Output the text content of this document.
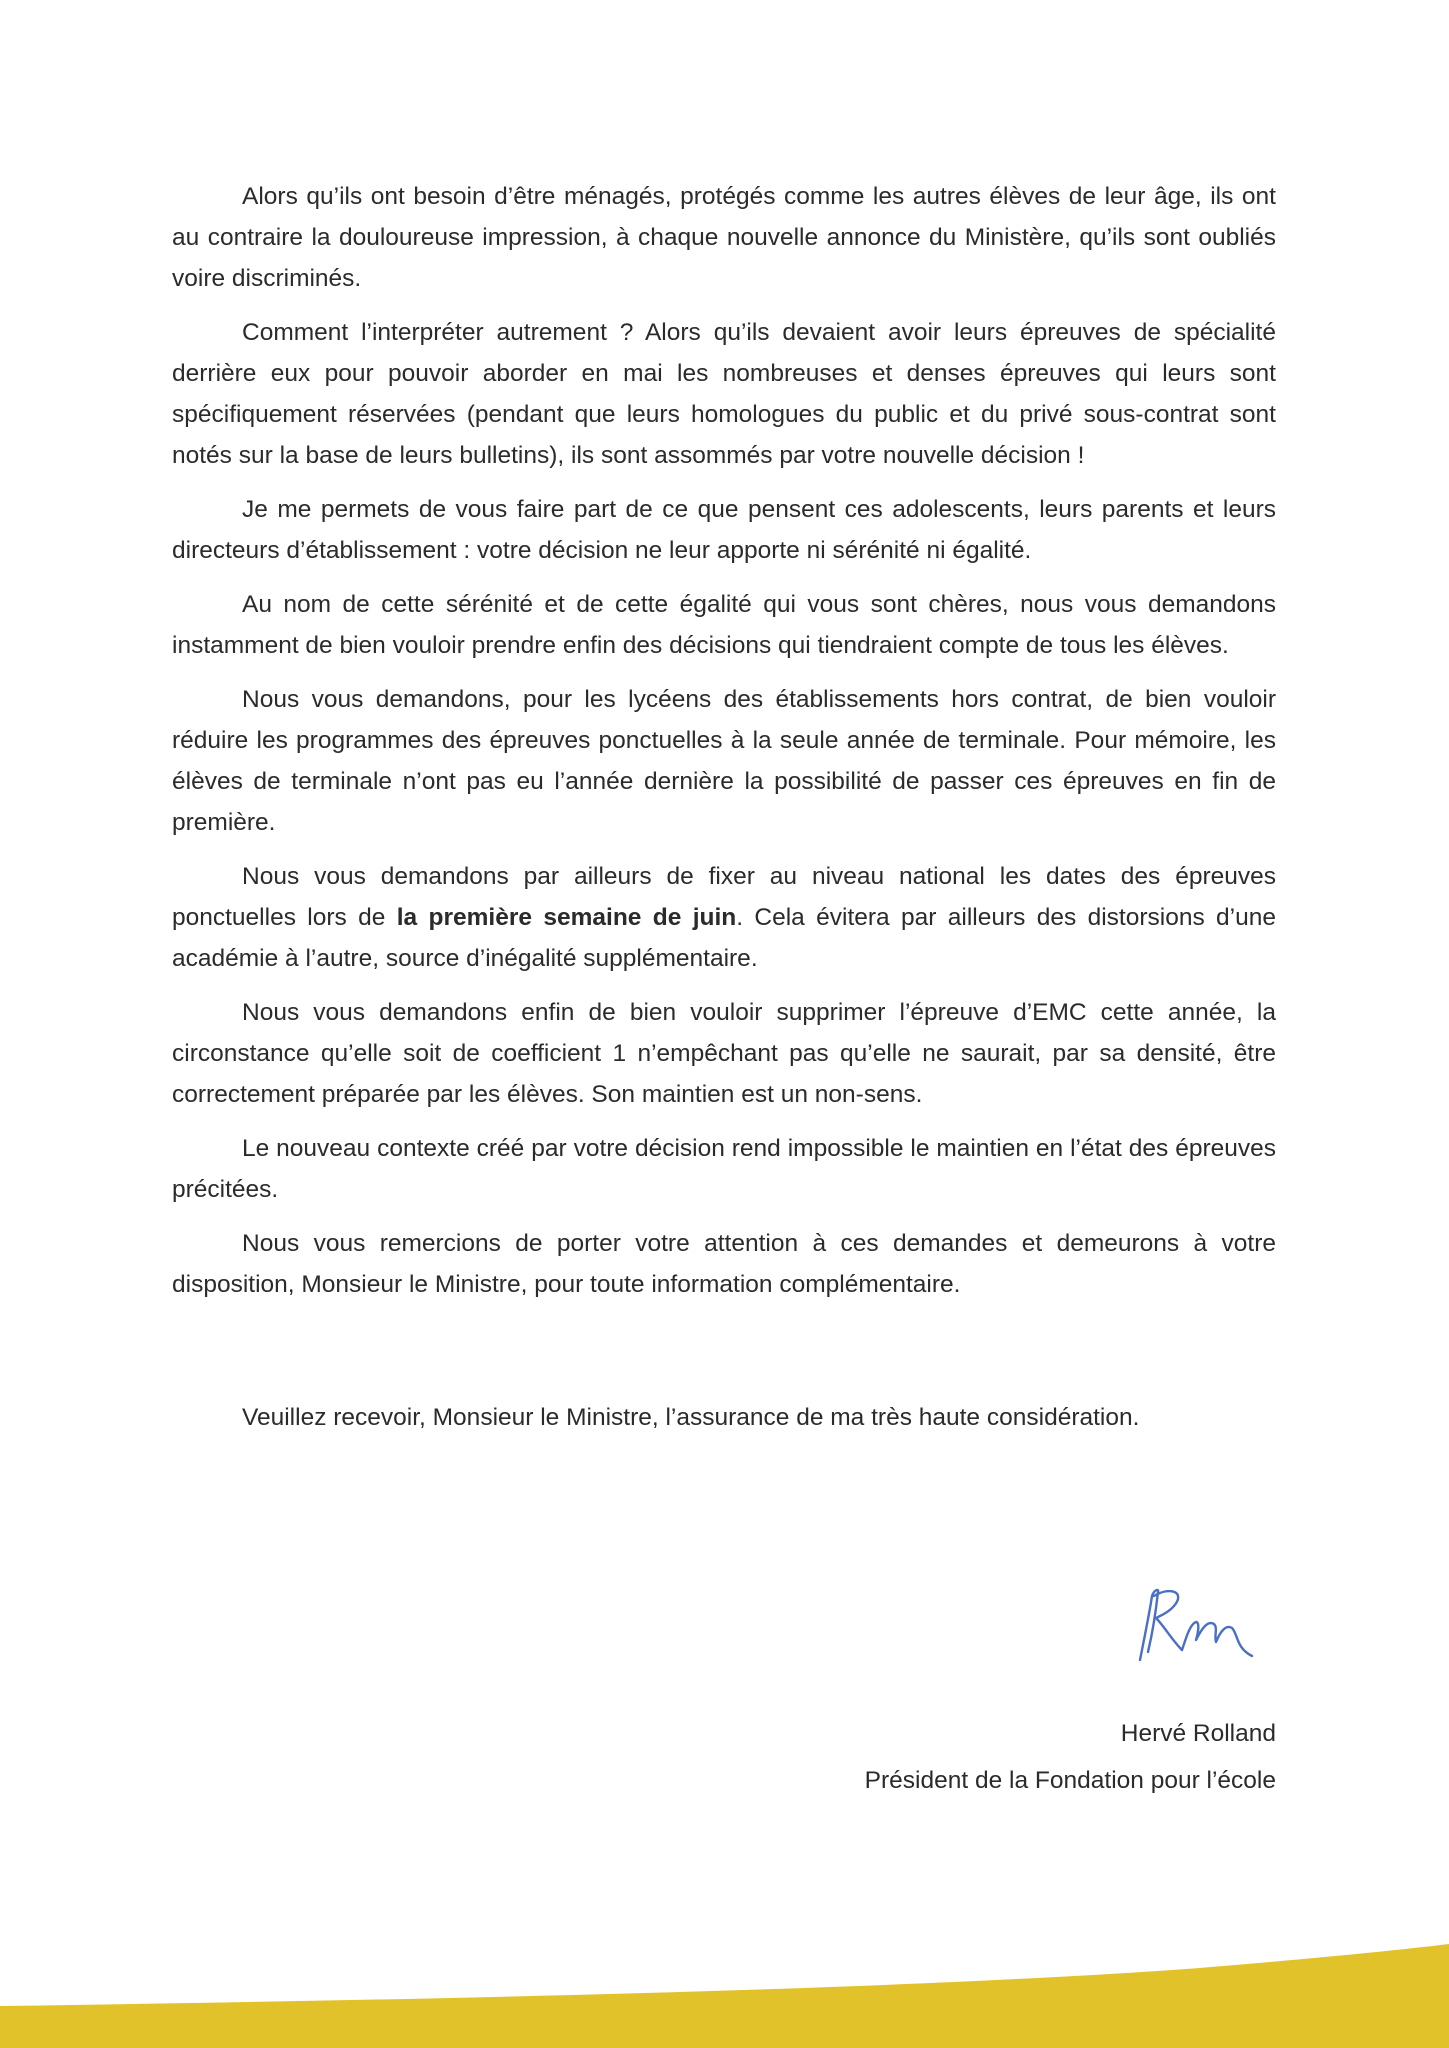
Alors qu’ils ont besoin d’être ménagés, protégés comme les autres élèves de leur âge, ils ont au contraire la douloureuse impression, à chaque nouvelle annonce du Ministère, qu’ils sont oubliés voire discriminés.

Comment l’interpréter autrement ? Alors qu’ils devaient avoir leurs épreuves de spécialité derrière eux pour pouvoir aborder en mai les nombreuses et denses épreuves qui leurs sont spécifiquement réservées (pendant que leurs homologues du public et du privé sous-contrat sont notés sur la base de leurs bulletins), ils sont assommés par votre nouvelle décision !

Je me permets de vous faire part de ce que pensent ces adolescents, leurs parents et leurs directeurs d’établissement : votre décision ne leur apporte ni sérénité ni égalité.

Au nom de cette sérénité et de cette égalité qui vous sont chères, nous vous demandons instamment de bien vouloir prendre enfin des décisions qui tiendraient compte de tous les élèves.

Nous vous demandons, pour les lycéens des établissements hors contrat, de bien vouloir réduire les programmes des épreuves ponctuelles à la seule année de terminale. Pour mémoire, les élèves de terminale n’ont pas eu l’année dernière la possibilité de passer ces épreuves en fin de première.

Nous vous demandons par ailleurs de fixer au niveau national les dates des épreuves ponctuelles lors de la première semaine de juin. Cela évitera par ailleurs des distorsions d’une académie à l’autre, source d’inégalité supplémentaire.

Nous vous demandons enfin de bien vouloir supprimer l’épreuve d’EMC cette année, la circonstance qu’elle soit de coefficient 1 n’empêchant pas qu’elle ne saurait, par sa densité, être correctement préparée par les élèves. Son maintien est un non-sens.

Le nouveau contexte créé par votre décision rend impossible le maintien en l’état des épreuves précitées.

Nous vous remercions de porter votre attention à ces demandes et demeurons à votre disposition, Monsieur le Ministre, pour toute information complémentaire.

Veuillez recevoir, Monsieur le Ministre, l’assurance de ma très haute considération.

Hervé Rolland
Président de la Fondation pour l’école
